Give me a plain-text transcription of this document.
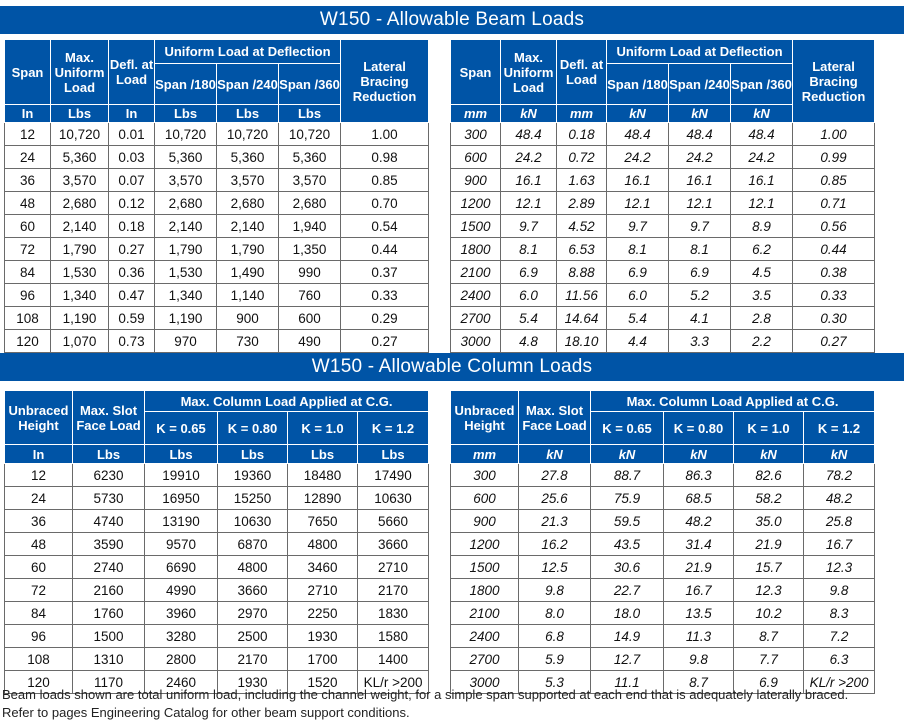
W150 - Allowable Beam Loads
Span	Max. Uniform Load	Defl. at Load	Uniform Load at Deflection			Lateral Bracing Reduction
			Span /180	Span /240	Span /360	
In	Lbs	In	Lbs	Lbs	Lbs	
12	10,720	0.01	10,720	10,720	10,720	1.00
24	5,360	0.03	5,360	5,360	5,360	0.98
36	3,570	0.07	3,570	3,570	3,570	0.85
48	2,680	0.12	2,680	2,680	2,680	0.70
60	2,140	0.18	2,140	2,140	1,940	0.54
72	1,790	0.27	1,790	1,790	1,350	0.44
84	1,530	0.36	1,530	1,490	990	0.37
96	1,340	0.47	1,340	1,140	760	0.33
108	1,190	0.59	1,190	900	600	0.29
120	1,070	0.73	970	730	490	0.27
Span	Max. Uniform Load	Defl. at Load	Uniform Load at Deflection			Lateral Bracing Reduction
			Span /180	Span /240	Span /360	
mm	kN	mm	kN	kN	kN	
300	48.4	0.18	48.4	48.4	48.4	1.00
600	24.2	0.72	24.2	24.2	24.2	0.99
900	16.1	1.63	16.1	16.1	16.1	0.85
1200	12.1	2.89	12.1	12.1	12.1	0.71
1500	9.7	4.52	9.7	9.7	8.9	0.56
1800	8.1	6.53	8.1	8.1	6.2	0.44
2100	6.9	8.88	6.9	6.9	4.5	0.38
2400	6.0	11.56	6.0	5.2	3.5	0.33
2700	5.4	14.64	5.4	4.1	2.8	0.30
3000	4.8	18.10	4.4	3.3	2.2	0.27
W150 - Allowable Column Loads
Unbraced Height	Max. Slot Face Load	Max. Column Load Applied at C.G.			
		K = 0.65	K = 0.80	K = 1.0	K = 1.2
In	Lbs	Lbs	Lbs	Lbs	Lbs
12	6230	19910	19360	18480	17490
24	5730	16950	15250	12890	10630
36	4740	13190	10630	7650	5660
48	3590	9570	6870	4800	3660
60	2740	6690	4800	3460	2710
72	2160	4990	3660	2710	2170
84	1760	3960	2970	2250	1830
96	1500	3280	2500	1930	1580
108	1310	2800	2170	1700	1400
120	1170	2460	1930	1520	KL/r >200
Unbraced Height	Max. Slot Face Load	Max. Column Load Applied at C.G.			
		K = 0.65	K = 0.80	K = 1.0	K = 1.2
mm	kN	kN	kN	kN	kN
300	27.8	88.7	86.3	82.6	78.2
600	25.6	75.9	68.5	58.2	48.2
900	21.3	59.5	48.2	35.0	25.8
1200	16.2	43.5	31.4	21.9	16.7
1500	12.5	30.6	21.9	15.7	12.3
1800	9.8	22.7	16.7	12.3	9.8
2100	8.0	18.0	13.5	10.2	8.3
2400	6.8	14.9	11.3	8.7	7.2
2700	5.9	12.7	9.8	7.7	6.3
3000	5.3	11.1	8.7	6.9	KL/r >200
Beam loads shown are total uniform load, including the channel weight, for a simple span supported at each end that is adequately laterally braced.
Refer to pages Engineering Catalog for other beam support conditions.
